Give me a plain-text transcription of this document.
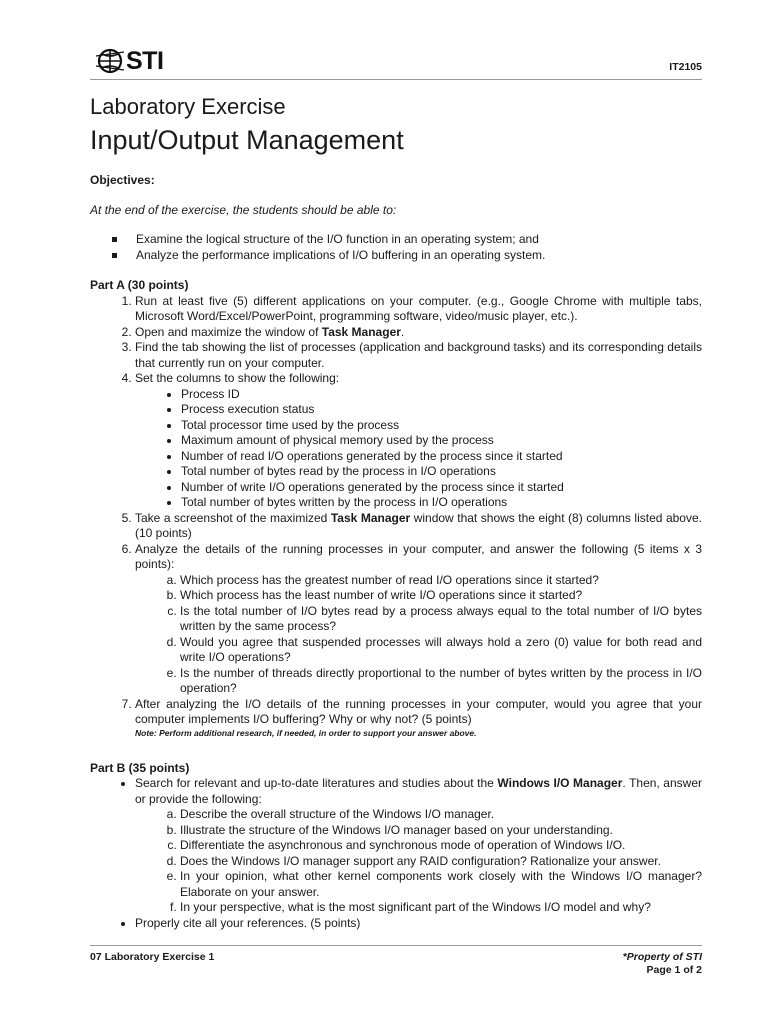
STI	IT2105
Laboratory Exercise
Input/Output Management

Objectives:

At the end of the exercise, the students should be able to:

Examine the logical structure of the I/O function in an operating system; and
Analyze the performance implications of I/O buffering in an operating system.

Part A (30 points)

1. Run at least five (5) different applications on your computer. (e.g., Google Chrome with multiple tabs, Microsoft Word/Excel/PowerPoint, programming software, video/music player, etc.).
2. Open and maximize the window of Task Manager.
3. Find the tab showing the list of processes (application and background tasks) and its corresponding details that currently run on your computer.
4. Set the columns to show the following:
• Process ID
• Process execution status
• Total processor time used by the process
• Maximum amount of physical memory used by the process
• Number of read I/O operations generated by the process since it started
• Total number of bytes read by the process in I/O operations
• Number of write I/O operations generated by the process since it started
• Total number of bytes written by the process in I/O operations
5. Take a screenshot of the maximized Task Manager window that shows the eight (8) columns listed above. (10 points)
6. Analyze the details of the running processes in your computer, and answer the following (5 items x 3 points):
a. Which process has the greatest number of read I/O operations since it started?
b. Which process has the least number of write I/O operations since it started?
c. Is the total number of I/O bytes read by a process always equal to the total number of I/O bytes written by the same process?
d. Would you agree that suspended processes will always hold a zero (0) value for both read and write I/O operations?
e. Is the number of threads directly proportional to the number of bytes written by the process in I/O operation?
7. After analyzing the I/O details of the running processes in your computer, would you agree that your computer implements I/O buffering? Why or why not? (5 points)
Note: Perform additional research, if needed, in order to support your answer above.

Part B (35 points)

• Search for relevant and up-to-date literatures and studies about the Windows I/O Manager. Then, answer or provide the following:
a. Describe the overall structure of the Windows I/O manager.
b. Illustrate the structure of the Windows I/O manager based on your understanding.
c. Differentiate the asynchronous and synchronous mode of operation of Windows I/O.
d. Does the Windows I/O manager support any RAID configuration? Rationalize your answer.
e. In your opinion, what other kernel components work closely with the Windows I/O manager? Elaborate on your answer.
f. In your perspective, what is the most significant part of the Windows I/O model and why?
• Properly cite all your references. (5 points)
07 Laboratory Exercise 1	*Property of STI
Page 1 of 2
